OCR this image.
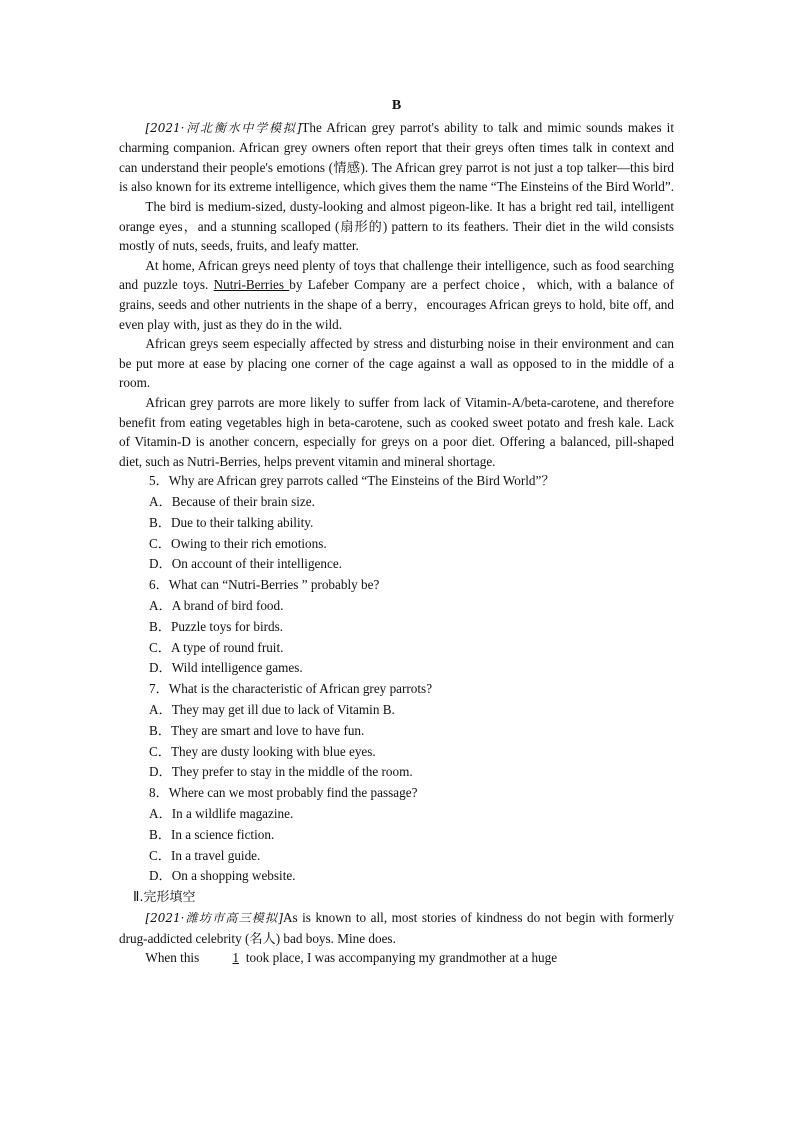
B

[2021·河北衡水中学模拟]The African grey parrot's ability to talk and mimic sounds makes it charming companion. African grey owners often report that their greys often times talk in context and can understand their people's emotions (情感). The African grey parrot is not just a top talker—this bird is also known for its extreme intelligence, which gives them the name “The Einsteins of the Bird World”.

The bird is medium-sized, dusty-looking and almost pigeon-like. It has a bright red tail, intelligent orange eyes，and a stunning scalloped (扇形的) pattern to its feathers. Their diet in the wild consists mostly of nuts, seeds, fruits, and leafy matter.

At home, African greys need plenty of toys that challenge their intelligence, such as food searching and puzzle toys. Nutri-Berries by Lafeber Company are a perfect choice，which, with a balance of grains, seeds and other nutrients in the shape of a berry，encourages African greys to hold, bite off, and even play with, just as they do in the wild.

African greys seem especially affected by stress and disturbing noise in their environment and can be put more at ease by placing one corner of the cage against a wall as opposed to in the middle of a room.

African grey parrots are more likely to suffer from lack of Vitamin-A/beta-carotene, and therefore benefit from eating vegetables high in beta-carotene, such as cooked sweet potato and fresh kale. Lack of Vitamin-D is another concern, especially for greys on a poor diet. Offering a balanced, pill-shaped diet, such as Nutri-Berries, helps prevent vitamin and mineral shortage.

5．Why are African grey parrots called “The Einsteins of the Bird World”？

A．Because of their brain size.

B．Due to their talking ability.

C．Owing to their rich emotions.

D．On account of their intelligence.

6．What can “Nutri-Berries ” probably be?

A．A brand of bird food.

B．Puzzle toys for birds.

C．A type of round fruit.

D．Wild intelligence games.

7．What is the characteristic of African grey parrots?

A．They may get ill due to lack of Vitamin B.

B．They are smart and love to have fun.

C．They are dusty looking with blue eyes.

D．They prefer to stay in the middle of the room.

8．Where can we most probably find the passage?

A．In a wildlife magazine.

B．In a science fiction.

C．In a travel guide.

D．On a shopping website.

Ⅱ.完形填空

[2021·潍坊市高三模拟]As is known to all, most stories of kindness do not begin with formerly drug-addicted celebrity (名人) bad boys. Mine does.

When this 1 took place, I was accompanying my grandmother at a huge
